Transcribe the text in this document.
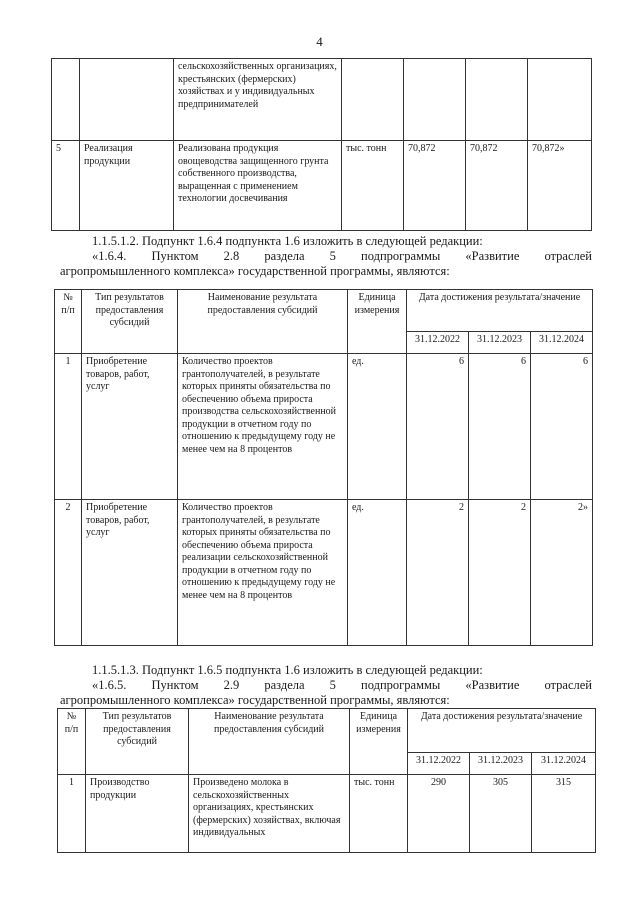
4
		сельскохозяйственных организациях, крестьянских (фермерских) хозяйствах и у индивидуальных предпринимателей				
5	Реализация продукции	Реализована продукция овощеводства защищенного грунта собственного производства, выращенная с применением технологии досвечивания	тыс. тонн	70,872	70,872	70,872»
1.1.5.1.2. Подпункт 1.6.4 подпункта 1.6 изложить в следующей редакции:
«1.6.4. Пунктом 2.8 раздела 5 подпрограммы «Развитие отраслей
агропромышленного комплекса» государственной программы, являются:
№ п/п	Тип результатов предоставления субсидий	Наименование результата предоставления субсидий	Единица измерения	Дата достижения результата/значение		
				31.12.2022	31.12.2023	31.12.2024
1	Приобретение товаров, работ, услуг	Количество проектов грантополучателей, в результате которых приняты обязательства по обеспечению объема прироста производства сельскохозяйственной продукции в отчетном году по отношению к предыдущему году не менее чем на 8 процентов	ед.	6	6	6
2	Приобретение товаров, работ, услуг	Количество проектов грантополучателей, в результате которых приняты обязательства по обеспечению объема прироста реализации сельскохозяйственной продукции в отчетном году по отношению к предыдущему году не менее чем на 8 процентов	ед.	2	2	2»
1.1.5.1.3. Подпункт 1.6.5 подпункта 1.6 изложить в следующей редакции:
«1.6.5. Пунктом 2.9 раздела 5 подпрограммы «Развитие отраслей
агропромышленного комплекса» государственной программы, являются:
№ п/п	Тип результатов предоставления субсидий	Наименование результата предоставления субсидий	Единица измерения	Дата достижения результата/значение		
				31.12.2022	31.12.2023	31.12.2024
1	Производство продукции	Произведено молока в сельскохозяйственных организациях, крестьянских (фермерских) хозяйствах, включая индивидуальных	тыс. тонн	290	305	315
